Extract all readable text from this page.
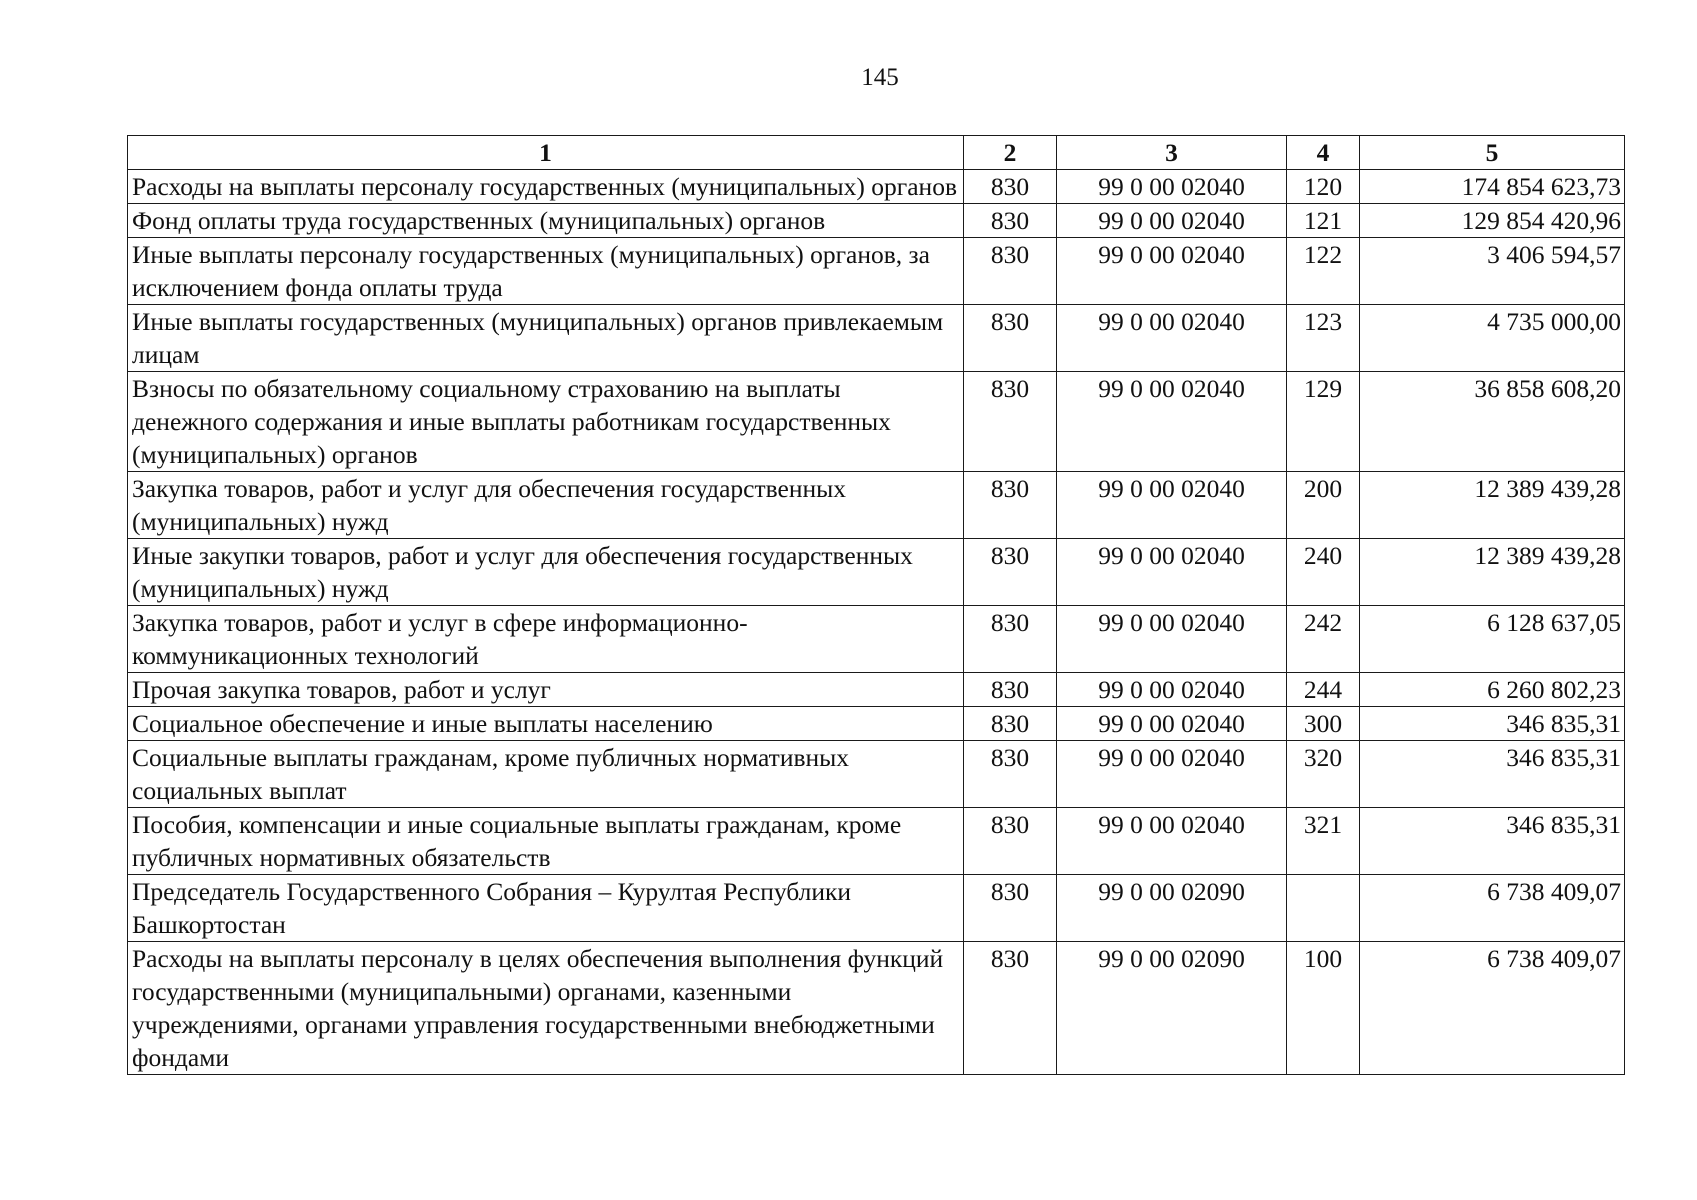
145
1	2	3	4	5
Расходы на выплаты персоналу государственных (муниципальных) органов	830	99 0 00 02040	120	174 854 623,73
Фонд оплаты труда государственных (муниципальных) органов	830	99 0 00 02040	121	129 854 420,96
Иные выплаты персоналу государственных (муниципальных) органов, за исключением фонда оплаты труда	830	99 0 00 02040	122	3 406 594,57
Иные выплаты государственных (муниципальных) органов привлекаемым лицам	830	99 0 00 02040	123	4 735 000,00
Взносы по обязательному социальному страхованию на выплаты денежного содержания и иные выплаты работникам государственных (муниципальных) органов	830	99 0 00 02040	129	36 858 608,20
Закупка товаров, работ и услуг для обеспечения государственных (муниципальных) нужд	830	99 0 00 02040	200	12 389 439,28
Иные закупки товаров, работ и услуг для обеспечения государственных (муниципальных) нужд	830	99 0 00 02040	240	12 389 439,28
Закупка товаров, работ и услуг в сфере информационно-коммуникационных технологий	830	99 0 00 02040	242	6 128 637,05
Прочая закупка товаров, работ и услуг	830	99 0 00 02040	244	6 260 802,23
Социальное обеспечение и иные выплаты населению	830	99 0 00 02040	300	346 835,31
Социальные выплаты гражданам, кроме публичных нормативных социальных выплат	830	99 0 00 02040	320	346 835,31
Пособия, компенсации и иные социальные выплаты гражданам, кроме публичных нормативных обязательств	830	99 0 00 02040	321	346 835,31
Председатель Государственного Собрания – Курултая Республики Башкортостан	830	99 0 00 02090		6 738 409,07
Расходы на выплаты персоналу в целях обеспечения выполнения функций государственными (муниципальными) органами, казенными учреждениями, органами управления государственными внебюджетными фондами	830	99 0 00 02090	100	6 738 409,07
